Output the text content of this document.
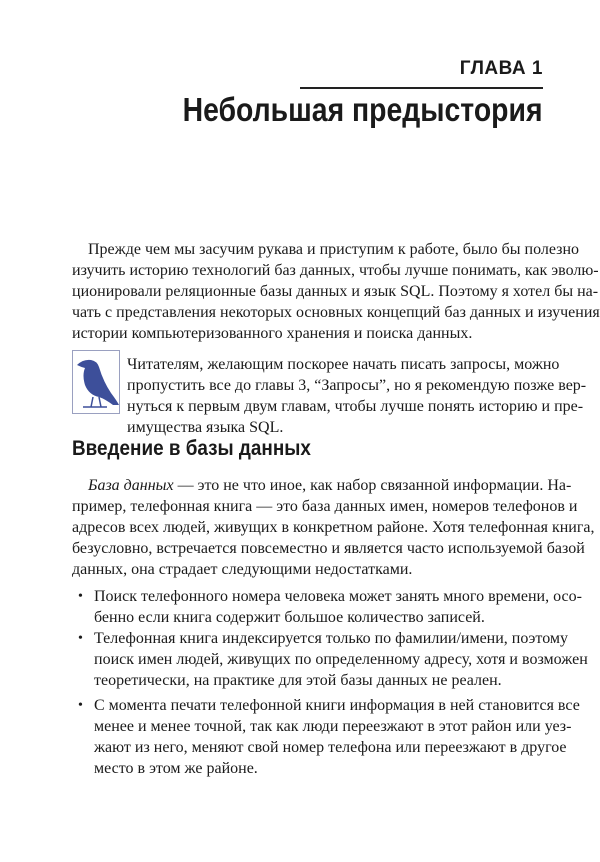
ГЛАВА 1
Небольшая предыстория
Прежде чем мы засучим рукава и приступим к работе, было бы полезно
изучить историю технологий баз данных, чтобы лучше понимать, как эволю-
ционировали реляционные базы данных и язык SQL. Поэтому я хотел бы на-
чать с представления некоторых основных концепций баз данных и изучения
истории компьютеризованного хранения и поиска данных.
Читателям, желающим поскорее начать писать запросы, можно
пропустить все до главы 3, “Запросы”, но я рекомендую позже вер-
нуться к первым двум главам, чтобы лучше понять историю и пре-
имущества языка SQL.
Введение в базы данных
База данных — это не что иное, как набор связанной информации. На-
пример, телефонная книга — это база данных имен, номеров телефонов и
адресов всех людей, живущих в конкретном районе. Хотя телефонная книга,
безусловно, встречается повсеместно и является часто используемой базой
данных, она страдает следующими недостатками.
• Поиск телефонного номера человека может занять много времени, осо-
бенно если книга содержит большое количество записей.
• Телефонная книга индексируется только по фамилии/имени, поэтому
поиск имен людей, живущих по определенному адресу, хотя и возможен
теоретически, на практике для этой базы данных не реален.
• С момента печати телефонной книги информация в ней становится все
менее и менее точной, так как люди переезжают в этот район или уез-
жают из него, меняют свой номер телефона или переезжают в другое
место в этом же районе.
